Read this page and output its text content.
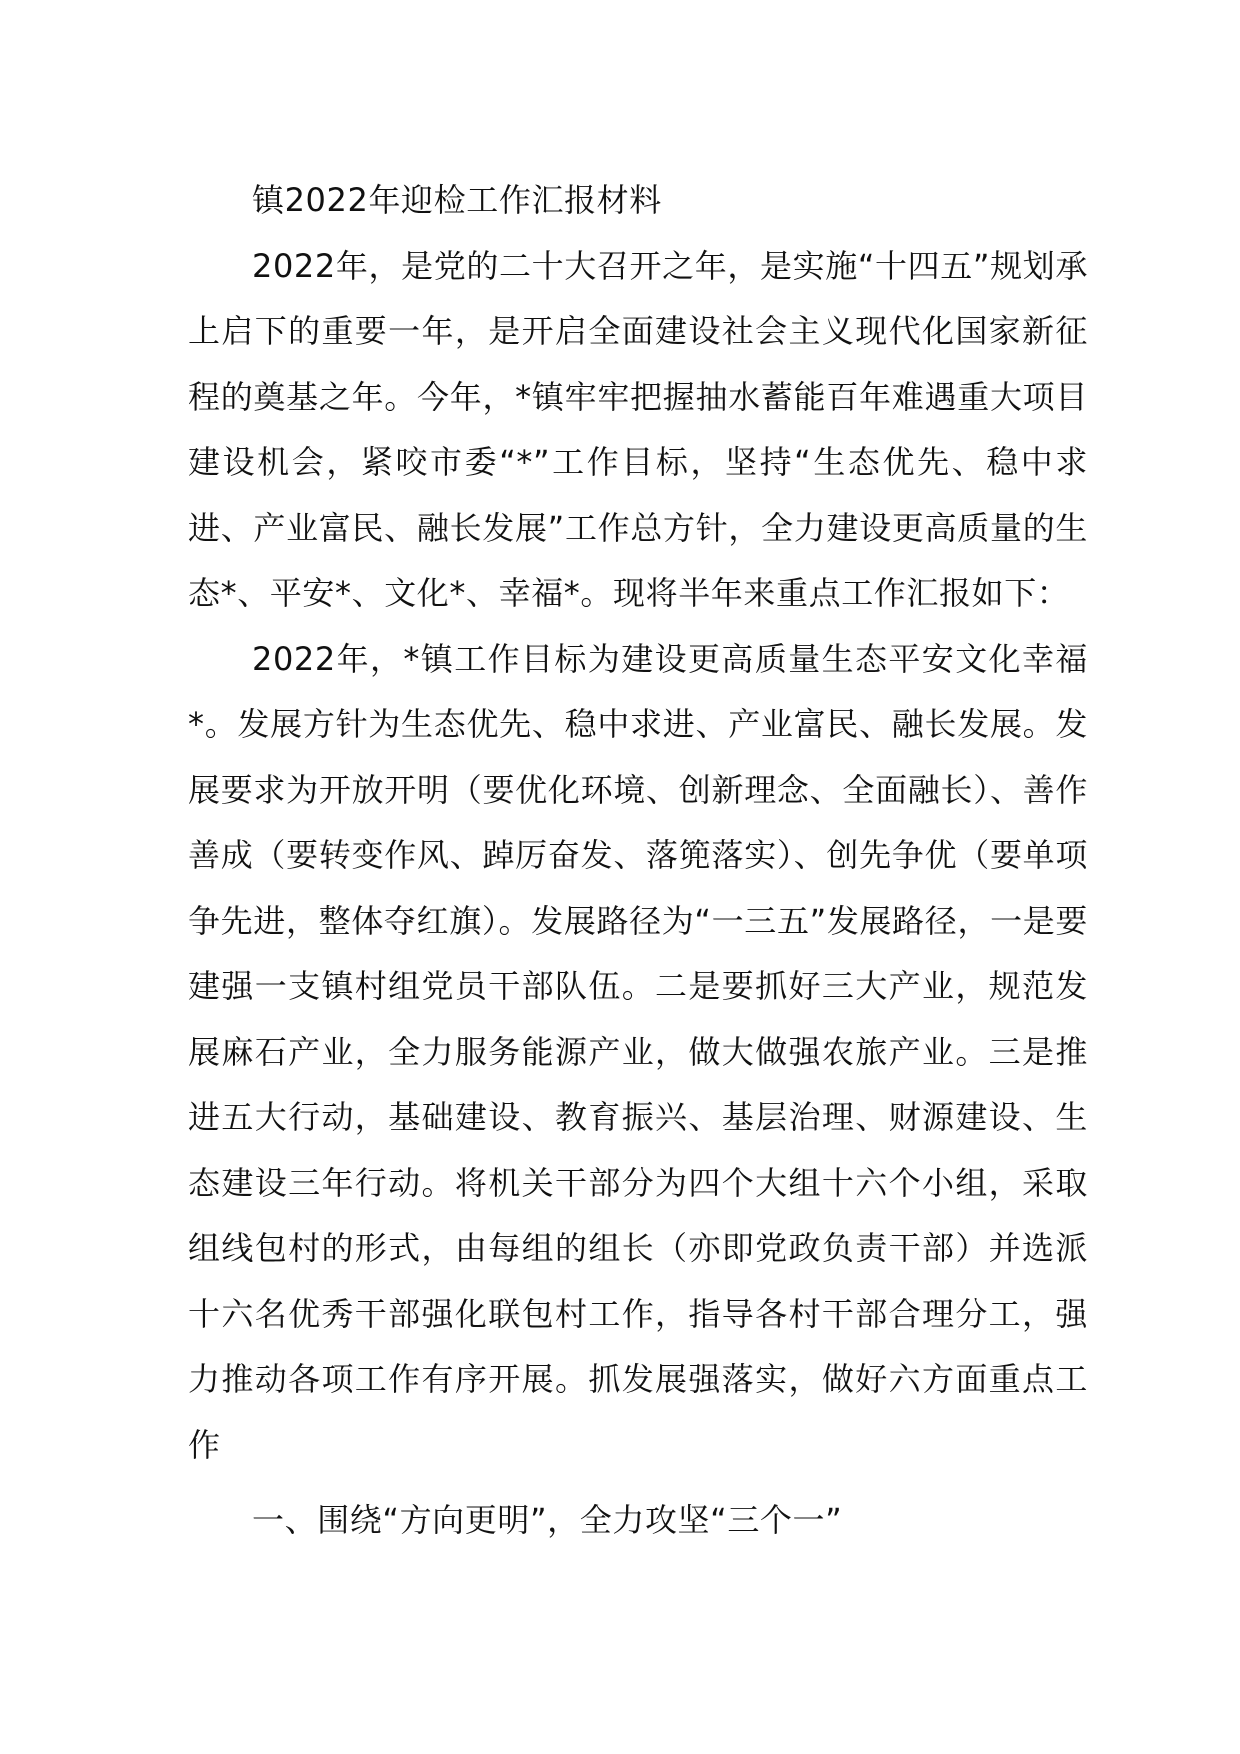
镇2022年迎检工作汇报材料

2022年，是党的二十大召开之年，是实施“十四五”规划承上启下的重要一年，是开启全面建设社会主义现代化国家新征程的奠基之年。今年，*镇牢牢把握抽水蓄能百年难遇重大项目建设机会，紧咬市委“*”工作目标，坚持“生态优先、稳中求进、产业富民、融长发展”工作总方针，全力建设更高质量的生态*、平安*、文化*、幸福*。现将半年来重点工作汇报如下：

2022年，*镇工作目标为建设更高质量生态平安文化幸福*。发展方针为生态优先、稳中求进、产业富民、融长发展。发展要求为开放开明（要优化环境、创新理念、全面融长）、善作善成（要转变作风、踔厉奋发、落篼落实）、创先争优（要单项争先进，整体夺红旗）。发展路径为“一三五”发展路径，一是要建强一支镇村组党员干部队伍。二是要抓好三大产业，规范发展麻石产业，全力服务能源产业，做大做强农旅产业。三是推进五大行动，基础建设、教育振兴、基层治理、财源建设、生态建设三年行动。将机关干部分为四个大组十六个小组，采取组线包村的形式，由每组的组长（亦即党政负责干部）并选派十六名优秀干部强化联包村工作，指导各村干部合理分工，强力推动各项工作有序开展。抓发展强落实，做好六方面重点工作

一、围绕“方向更明”，全力攻坚“三个一”
